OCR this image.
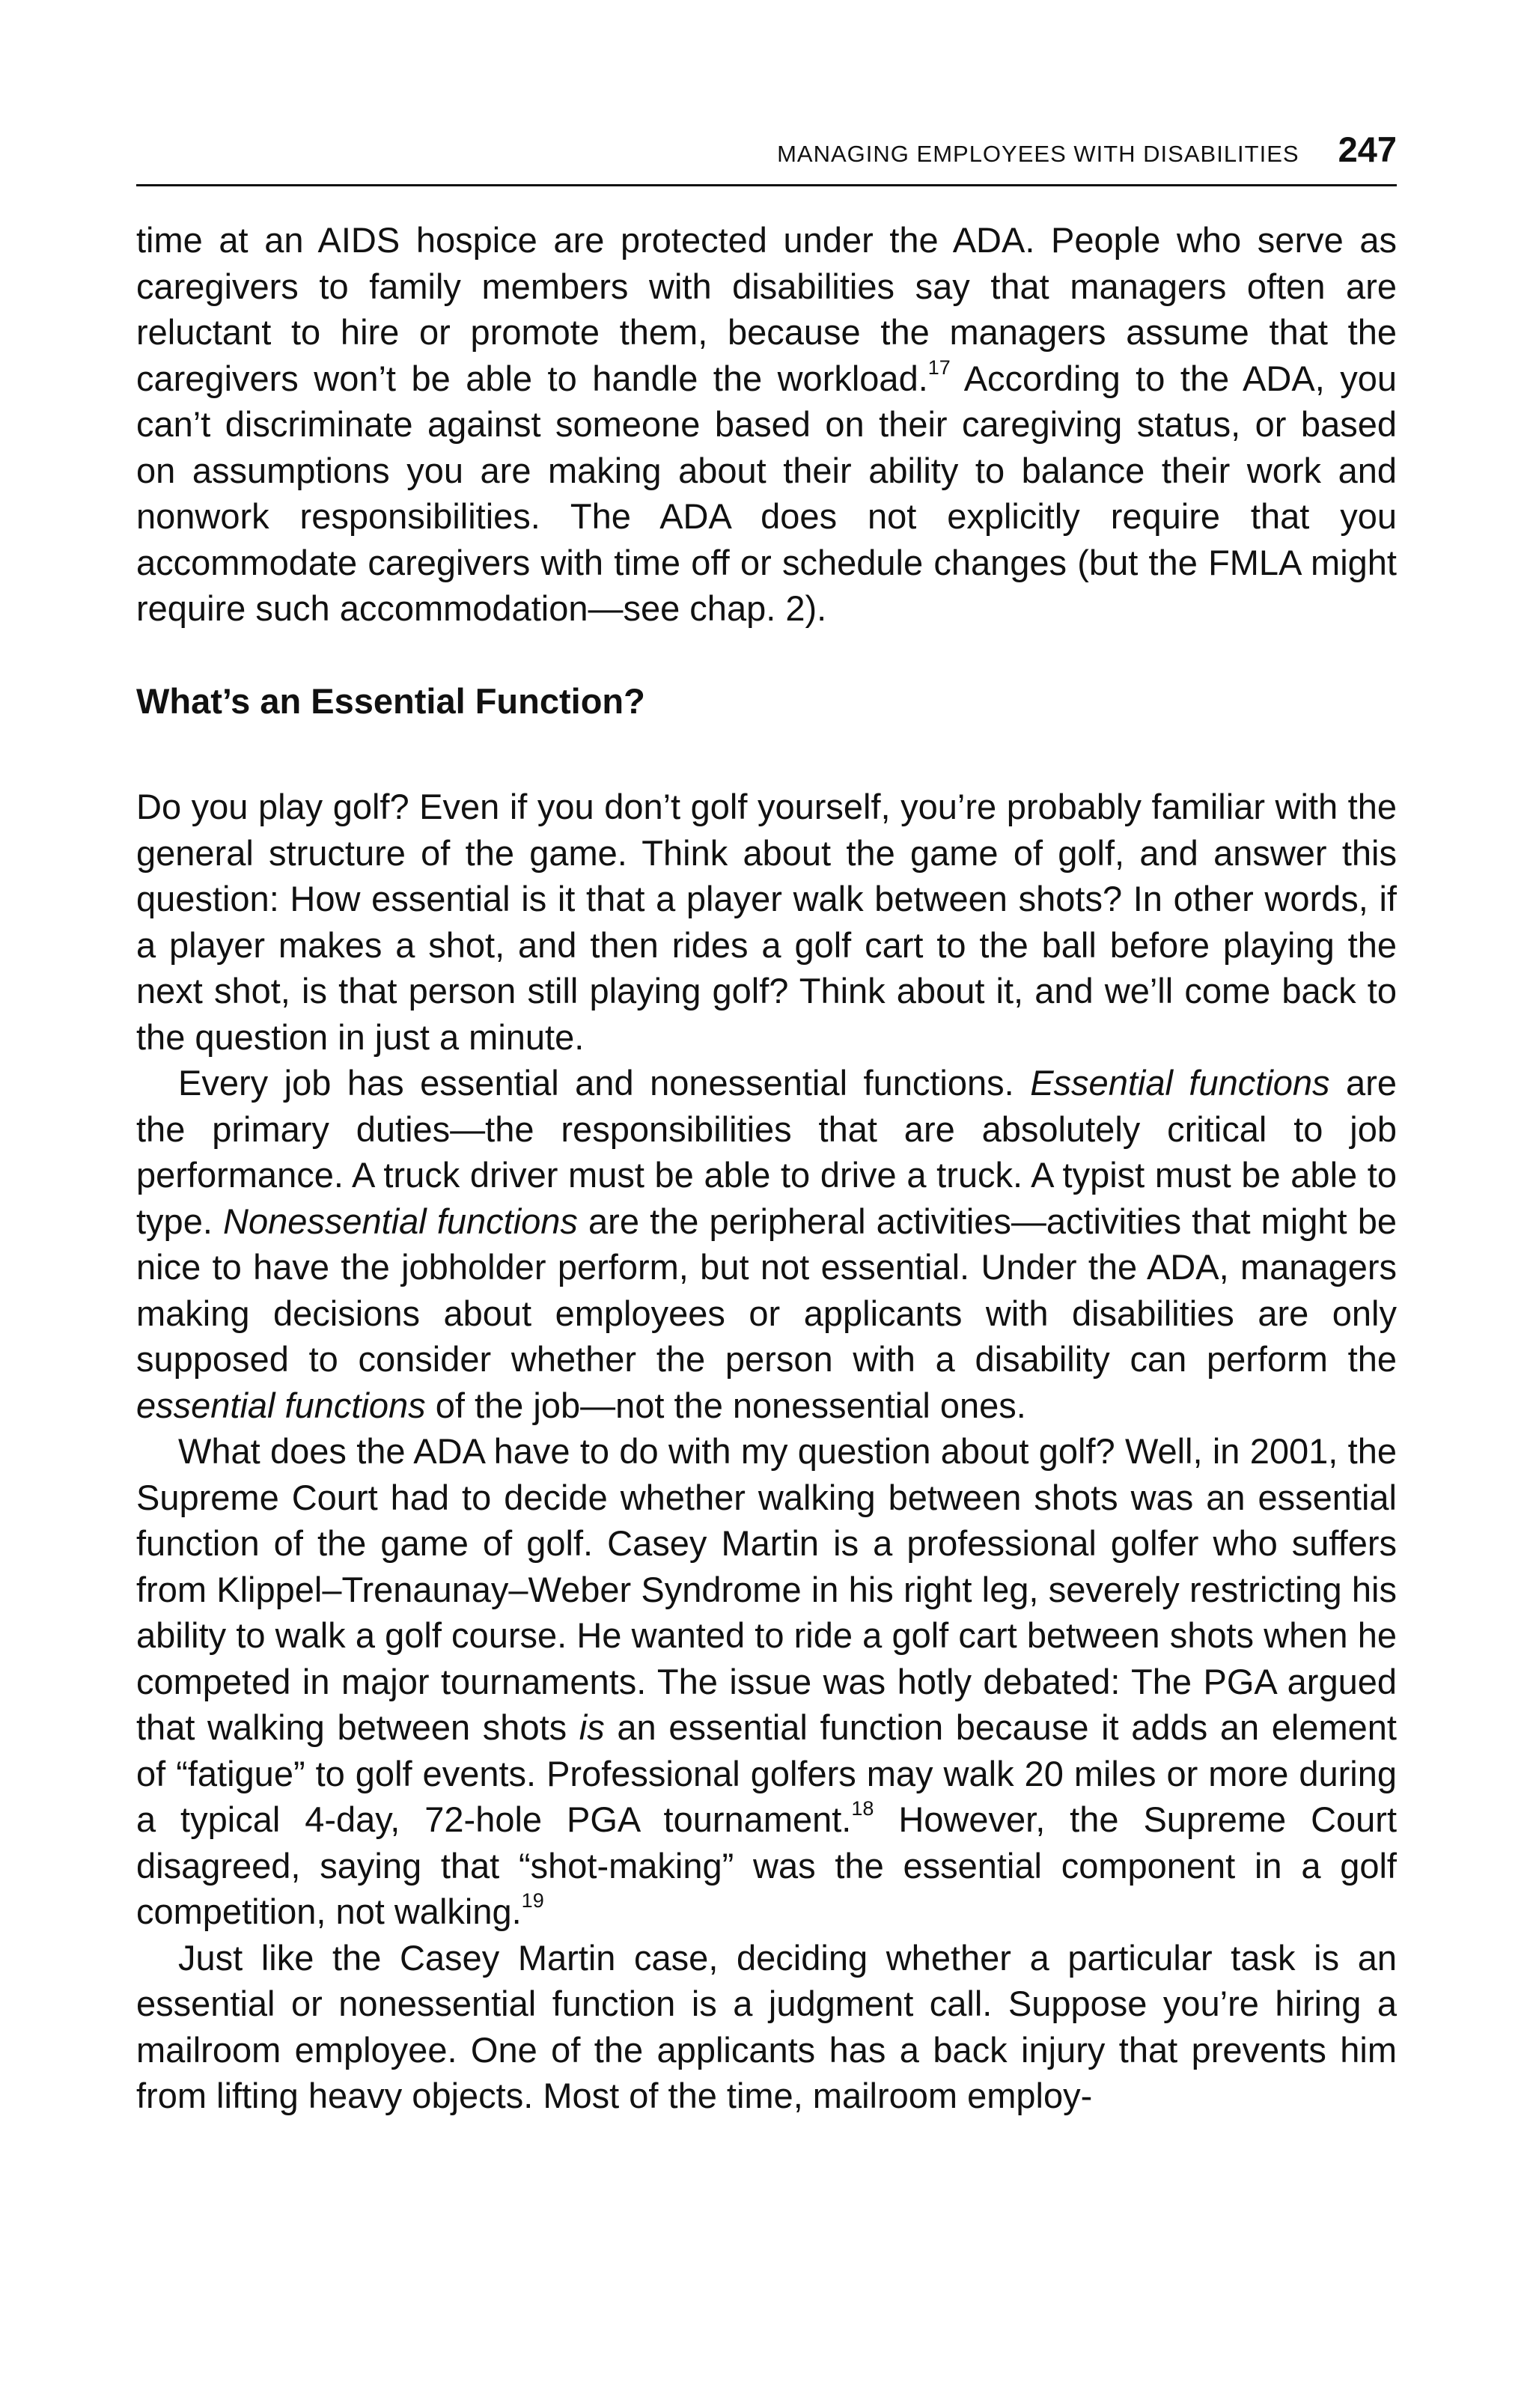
MANAGING EMPLOYEES WITH DISABILITIES 247

time at an AIDS hospice are protected under the ADA. People who serve as caregivers to family members with disabilities say that managers often are reluctant to hire or promote them, because the managers assume that the caregivers won’t be able to handle the workload.$^{17}$ According to the ADA, you can’t discriminate against someone based on their caregiving status, or based on assumptions you are making about their ability to balance their work and nonwork responsibilities. The ADA does not explicitly require that you accommodate caregivers with time off or schedule changes (but the FMLA might require such accommodation—see chap. 2).

What’s an Essential Function?

Do you play golf? Even if you don’t golf yourself, you’re probably familiar with the general structure of the game. Think about the game of golf, and answer this question: How essential is it that a player walk between shots? In other words, if a player makes a shot, and then rides a golf cart to the ball before playing the next shot, is that person still playing golf? Think about it, and we’ll come back to the question in just a minute.

Every job has essential and nonessential functions. Essential functions are the primary duties—the responsibilities that are absolutely critical to job performance. A truck driver must be able to drive a truck. A typist must be able to type. Nonessential functions are the peripheral activities—activities that might be nice to have the jobholder perform, but not essential. Under the ADA, managers making decisions about employees or applicants with disabilities are only supposed to consider whether the person with a disability can perform the essential functions of the job—not the nonessential ones.

What does the ADA have to do with my question about golf? Well, in 2001, the Supreme Court had to decide whether walking between shots was an essential function of the game of golf. Casey Martin is a professional golfer who suffers from Klippel–Trenaunay–Weber Syndrome in his right leg, severely restricting his ability to walk a golf course. He wanted to ride a golf cart between shots when he competed in major tournaments. The issue was hotly debated: The PGA argued that walking between shots is an essential function because it adds an element of “fatigue” to golf events. Professional golfers may walk 20 miles or more during a typical 4-day, 72-hole PGA tournament.$^{18}$ However, the Supreme Court disagreed, saying that “shot-making” was the essential component in a golf competition, not walking.$^{19}$

Just like the Casey Martin case, deciding whether a particular task is an essential or nonessential function is a judgment call. Suppose you’re hiring a mailroom employee. One of the applicants has a back injury that prevents him from lifting heavy objects. Most of the time, mailroom employ-
